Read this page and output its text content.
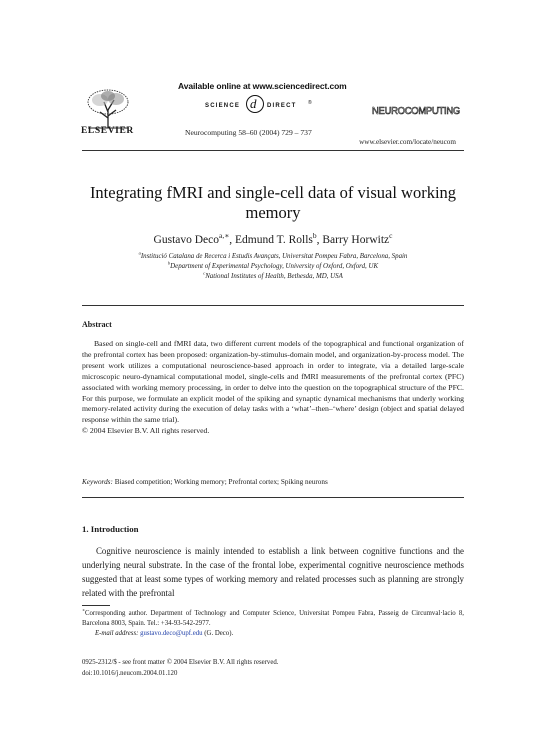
Available online at www.sciencedirect.com
SCIENCE d DIRECT ®
ELSEVIER	Neurocomputing 58–60 (2004) 729 – 737
NEUROCOMPUTING
www.elsevier.com/locate/neucom
Integrating fMRI and single-cell data of visual working memory
Gustavo Deco$^{a,∗}$, Edmund T. Rolls$^b$, Barry Horwitz$^c$
$^a$Institució Catalana de Recerca i Estudis Avançats, Universitat Pompeu Fabra, Barcelona, Spain
$^b$Department of Experimental Psychology, University of Oxford, Oxford, UK
$^c$National Institutes of Health, Bethesda, MD, USA
Abstract

Based on single-cell and fMRI data, two different current models of the topographical and functional organization of the prefrontal cortex has been proposed: organization-by-stimulus-domain model, and organization-by-process model. The present work utilizes a computational neuroscience-based approach in order to integrate, via a detailed large-scale microscopic neuro-dynamical computational model, single-cells and fMRI measurements of the prefrontal cortex (PFC) associated with working memory processing, in order to delve into the question on the topographical structure of the PFC. For this purpose, we formulate an explicit model of the spiking and synaptic dynamical mechanisms that underly working memory-related activity during the execution of delay tasks with a ‘what’–then–‘where’ design (object and spatial delayed response within the same trial).

© 2004 Elsevier B.V. All rights reserved.
Keywords: Biased competition; Working memory; Prefrontal cortex; Spiking neurons
1. Introduction

Cognitive neuroscience is mainly intended to establish a link between cognitive functions and the underlying neural substrate. In the case of the frontal lobe, experimental cognitive neuroscience methods suggested that at least some types of working memory and related processes such as planning are strongly related with the prefrontal

∗Corresponding author. Department of Technology and Computer Science, Universitat Pompeu Fabra, Passeig de Circumval·lacio 8, Barcelona 8003, Spain. Tel.: +34-93-542-2977.
E-mail address: gustavo.deco@upf.edu (G. Deco).
0925-2312/$ - see front matter © 2004 Elsevier B.V. All rights reserved.
doi:10.1016/j.neucom.2004.01.120
